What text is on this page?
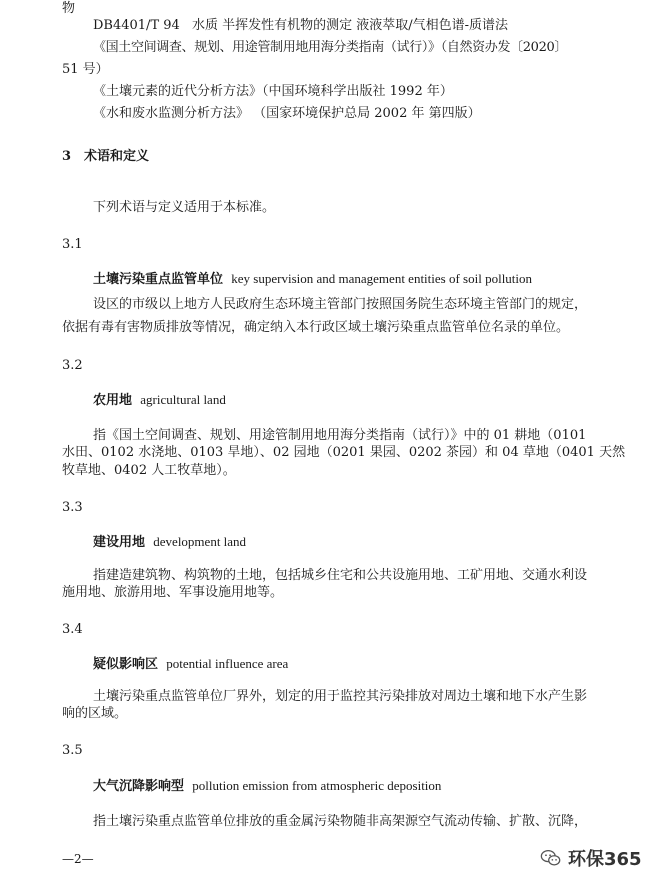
物
DB4401/T 94 水质 半挥发性有机物的测定 液液萃取/气相色谱-质谱法
《国土空间调查、规划、用途管制用地用海分类指南（试行）》（自然资办发〔2020〕
51 号）
《土壤元素的近代分析方法》（中国环境科学出版社 1992 年）
《水和废水监测分析方法》 （国家环境保护总局 2002 年 第四版）
3 术语和定义
下列术语与定义适用于本标准。
3.1
土壤污染重点监管单位 key supervision and management entities of soil pollution
设区的市级以上地方人民政府生态环境主管部门按照国务院生态环境主管部门的规定，
依据有毒有害物质排放等情况，确定纳入本行政区域土壤污染重点监管单位名录的单位。
3.2
农用地 agricultural land
指《国土空间调查、规划、用途管制用地用海分类指南（试行）》中的 01 耕地（0101
水田、0102 水浇地、0103 旱地）、02 园地（0201 果园、0202 茶园）和 04 草地（0401 天然
牧草地、0402 人工牧草地）。
3.3
建设用地 development land
指建造建筑物、构筑物的土地，包括城乡住宅和公共设施用地、工矿用地、交通水利设
施用地、旅游用地、军事设施用地等。
3.4
疑似影响区 potential influence area
土壤污染重点监管单位厂界外，划定的用于监控其污染排放对周边土壤和地下水产生影
响的区域。
3.5
大气沉降影响型 pollution emission from atmospheric deposition
指土壤污染重点监管单位排放的重金属污染物随非高架源空气流动传输、扩散、沉降，
—2—	环保365
